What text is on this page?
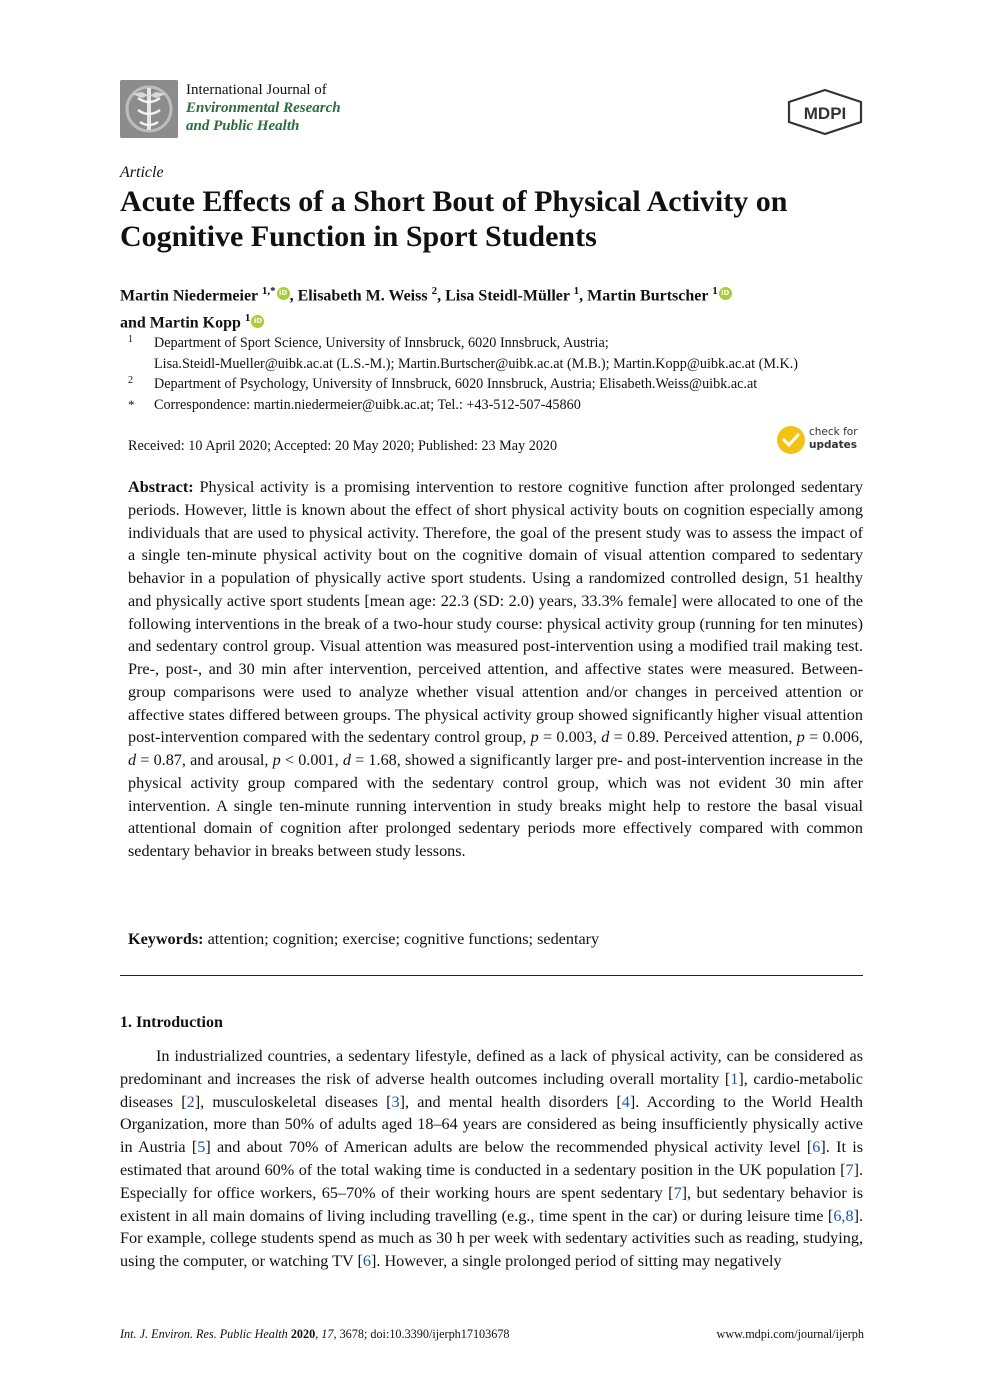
International Journal of
Environmental Research
and Public Health
MDPI
Article
Acute Effects of a Short Bout of Physical Activity on Cognitive Function in Sport Students
Martin Niedermeier $^{1,*}$ iD , Elisabeth M. Weiss $^2$, Lisa Steidl-Müller $^1$, Martin Burtscher $^1$ iD
and Martin Kopp $^1$ iD
1 Department of Sport Science, University of Innsbruck, 6020 Innsbruck, Austria;
Lisa.Steidl-Mueller@uibk.ac.at (L.S.-M.); Martin.Burtscher@uibk.ac.at (M.B.); Martin.Kopp@uibk.ac.at (M.K.)
2 Department of Psychology, University of Innsbruck, 6020 Innsbruck, Austria; Elisabeth.Weiss@uibk.ac.at
* Correspondence: martin.niedermeier@uibk.ac.at; Tel.: +43-512-507-45860
Received: 10 April 2020; Accepted: 20 May 2020; Published: 23 May 2020
check for
updates

Abstract: Physical activity is a promising intervention to restore cognitive function after prolonged sedentary periods. However, little is known about the effect of short physical activity bouts on cognition especially among individuals that are used to physical activity. Therefore, the goal of the present study was to assess the impact of a single ten-minute physical activity bout on the cognitive domain of visual attention compared to sedentary behavior in a population of physically active sport students. Using a randomized controlled design, 51 healthy and physically active sport students [mean age: 22.3 (SD: 2.0) years, 33.3% female] were allocated to one of the following interventions in the break of a two-hour study course: physical activity group (running for ten minutes) and sedentary control group. Visual attention was measured post-intervention using a modified trail making test. Pre-, post-, and 30 min after intervention, perceived attention, and affective states were measured. Between-group comparisons were used to analyze whether visual attention and/or changes in perceived attention or affective states differed between groups. The physical activity group showed significantly higher visual attention post-intervention compared with the sedentary control group, p = 0.003, d = 0.89. Perceived attention, p = 0.006, d = 0.87, and arousal, p < 0.001, d = 1.68, showed a significantly larger pre- and post-intervention increase in the physical activity group compared with the sedentary control group, which was not evident 30 min after intervention. A single ten-minute running intervention in study breaks might help to restore the basal visual attentional domain of cognition after prolonged sedentary periods more effectively compared with common sedentary behavior in breaks between study lessons.

Keywords: attention; cognition; exercise; cognitive functions; sedentary
1. Introduction

In industrialized countries, a sedentary lifestyle, defined as a lack of physical activity, can be considered as predominant and increases the risk of adverse health outcomes including overall mortality [1], cardio-metabolic diseases [2], musculoskeletal diseases [3], and mental health disorders [4]. According to the World Health Organization, more than 50% of adults aged 18–64 years are considered as being insufficiently physically active in Austria [5] and about 70% of American adults are below the recommended physical activity level [6]. It is estimated that around 60% of the total waking time is conducted in a sedentary position in the UK population [7]. Especially for office workers, 65–70% of their working hours are spent sedentary [7], but sedentary behavior is existent in all main domains of living including travelling (e.g., time spent in the car) or during leisure time [6,8]. For example, college students spend as much as 30 h per week with sedentary activities such as reading, studying, using the computer, or watching TV [6]. However, a single prolonged period of sitting may negatively

Int. J. Environ. Res. Public Health 2020, 17, 3678; doi:10.3390/ijerph17103678	www.mdpi.com/journal/ijerph
